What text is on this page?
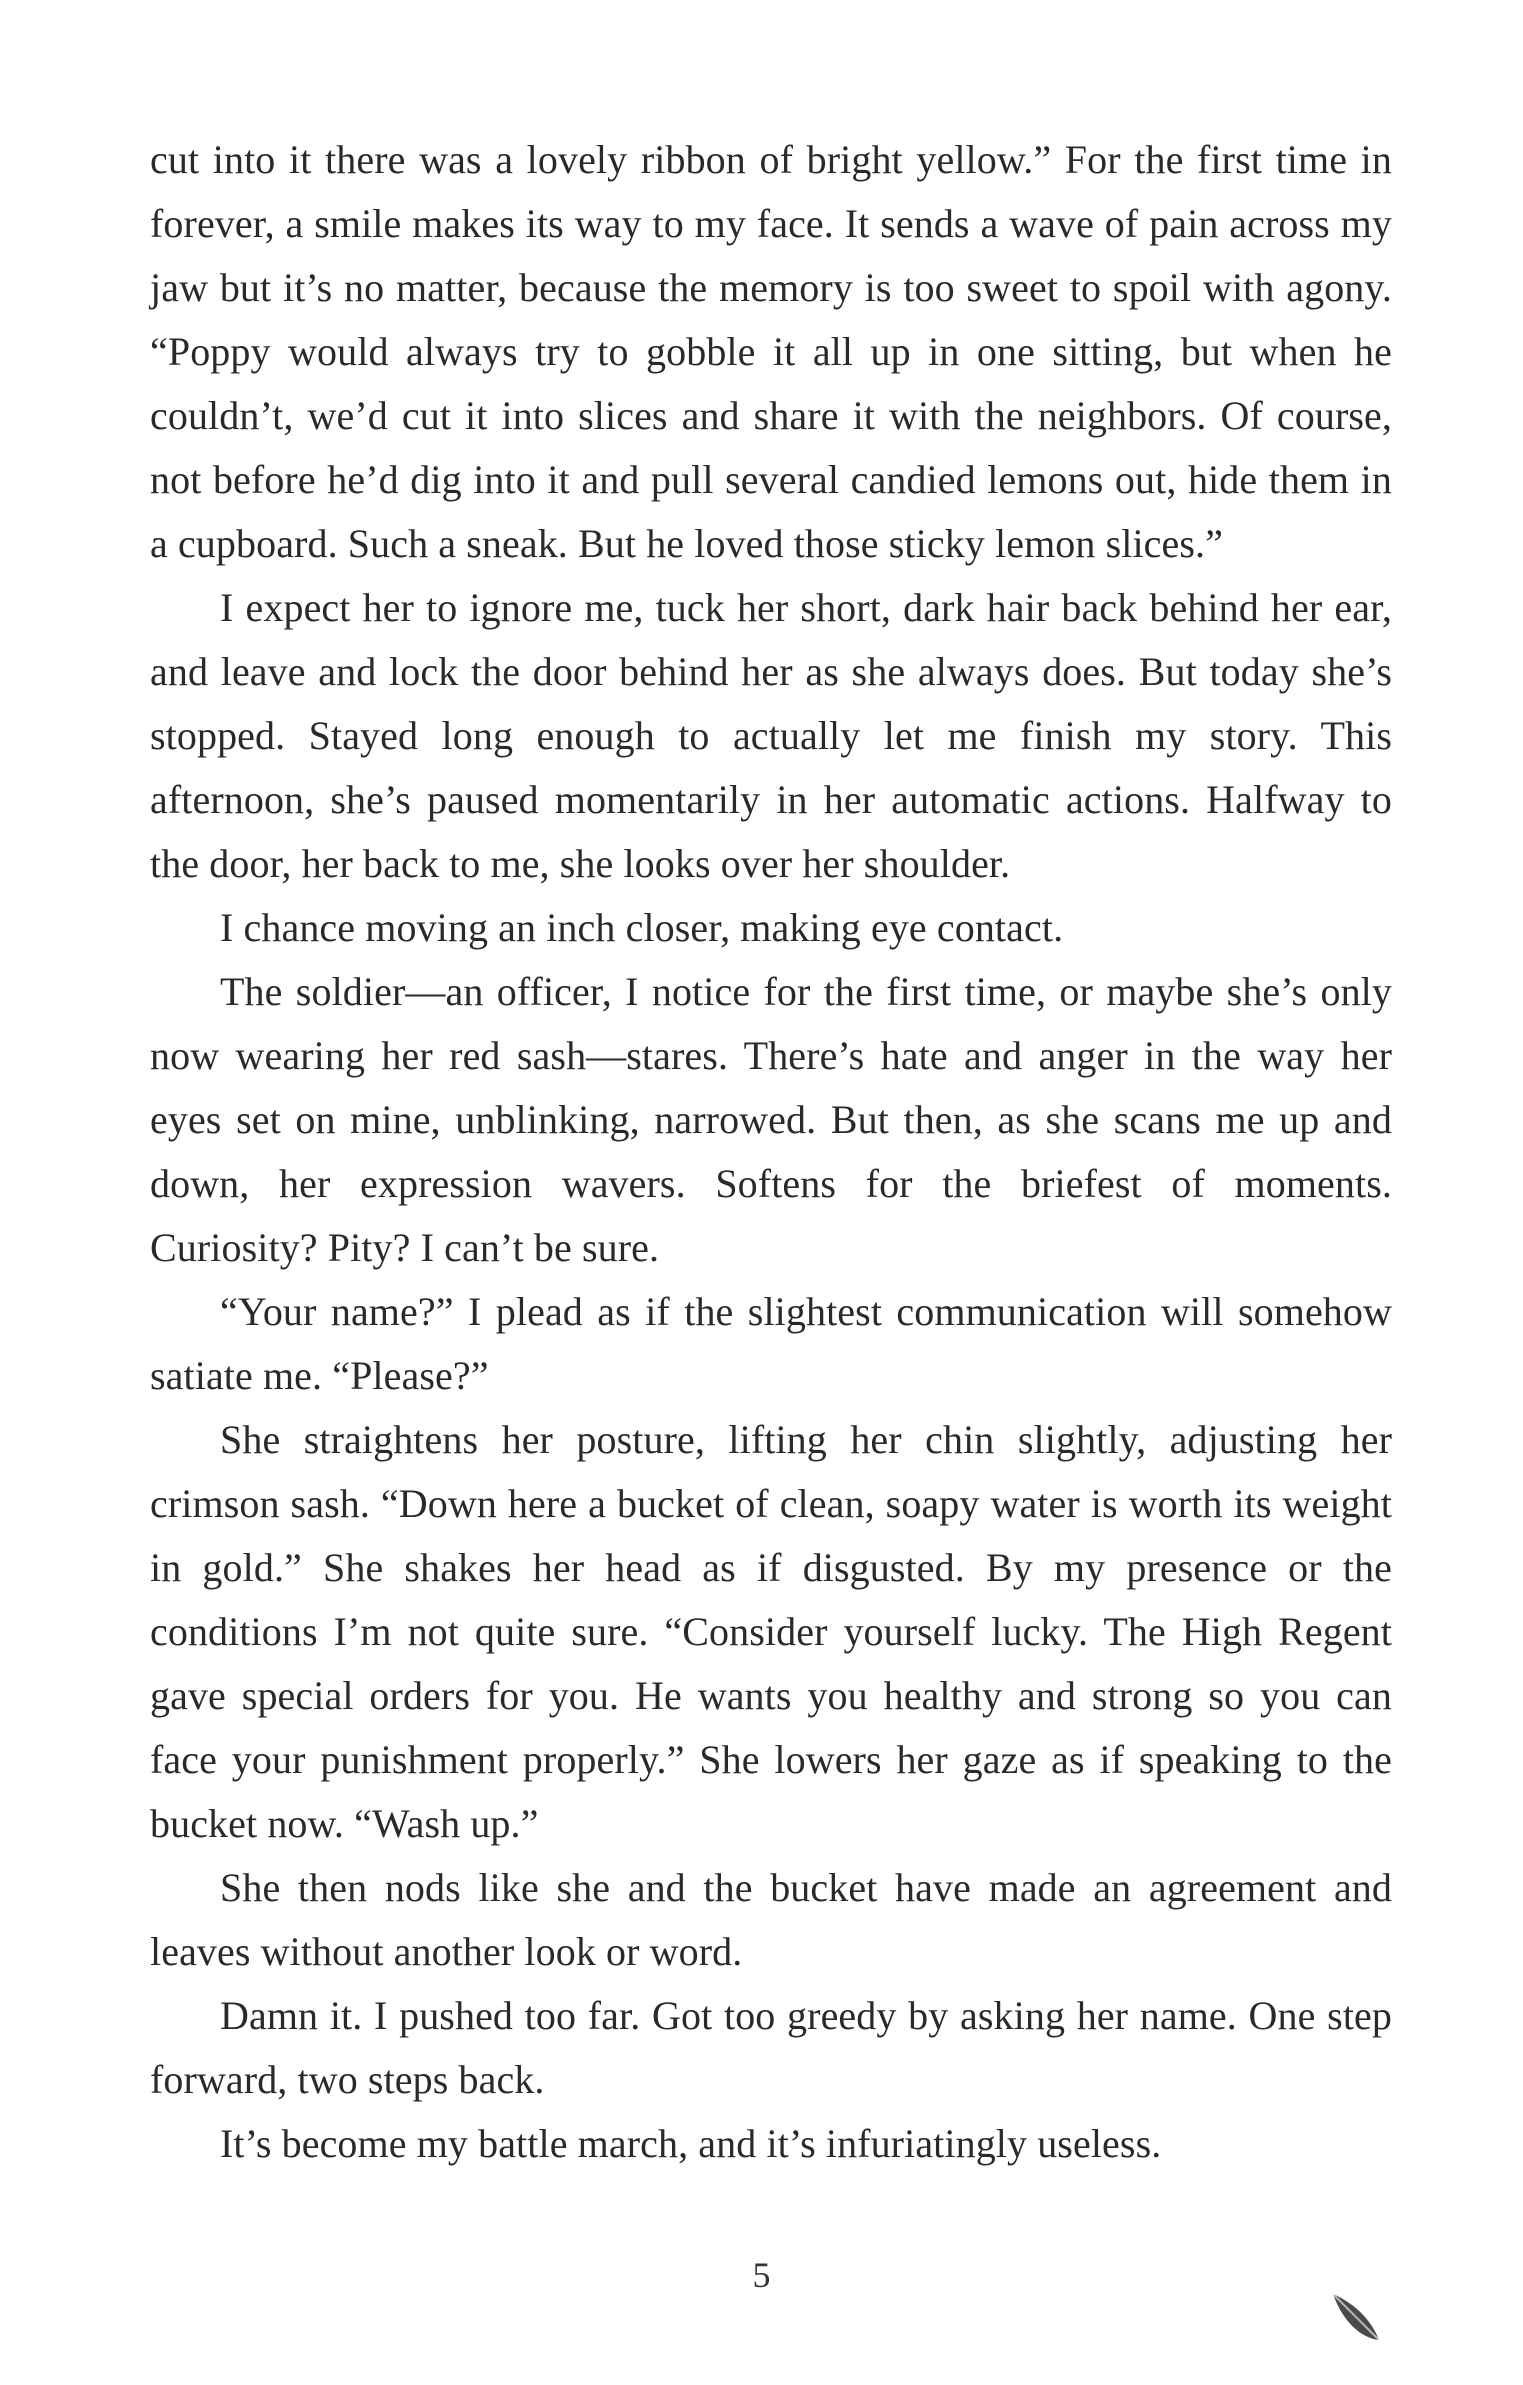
cut into it there was a lovely ribbon of bright yellow.” For the first time in forever, a smile makes its way to my face. It sends a wave of pain across my jaw but it’s no matter, because the memory is too sweet to spoil with agony. “Poppy would always try to gobble it all up in one sitting, but when he couldn’t, we’d cut it into slices and share it with the neighbors. Of course, not before he’d dig into it and pull several candied lemons out, hide them in a cupboard. Such a sneak. But he loved those sticky lemon slices.”

I expect her to ignore me, tuck her short, dark hair back behind her ear, and leave and lock the door behind her as she always does. But today she’s stopped. Stayed long enough to actually let me finish my story. This afternoon, she’s paused momentarily in her automatic actions. Halfway to the door, her back to me, she looks over her shoulder.

I chance moving an inch closer, making eye contact.

The soldier—an officer, I notice for the first time, or maybe she’s only now wearing her red sash—stares. There’s hate and anger in the way her eyes set on mine, unblinking, narrowed. But then, as she scans me up and down, her expression wavers. Softens for the briefest of moments. Curiosity? Pity? I can’t be sure.

“Your name?” I plead as if the slightest communication will somehow satiate me. “Please?”

She straightens her posture, lifting her chin slightly, adjusting her crimson sash. “Down here a bucket of clean, soapy water is worth its weight in gold.” She shakes her head as if disgusted. By my presence or the conditions I’m not quite sure. “Consider yourself lucky. The High Regent gave special orders for you. He wants you healthy and strong so you can face your punishment properly.” She lowers her gaze as if speaking to the bucket now. “Wash up.”

She then nods like she and the bucket have made an agreement and leaves without another look or word.

Damn it. I pushed too far. Got too greedy by asking her name. One step forward, two steps back.

It’s become my battle march, and it’s infuriatingly useless.

5
